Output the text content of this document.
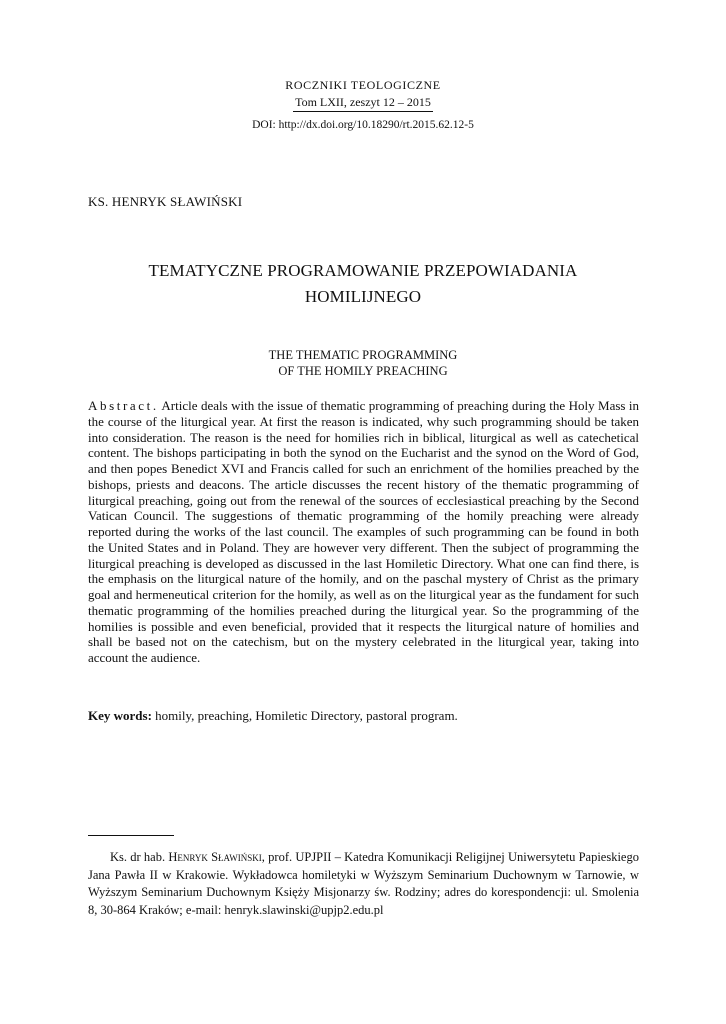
ROCZNIKI TEOLOGICZNE
Tom LXII, zeszyt 12 – 2015
DOI: http://dx.doi.org/10.18290/rt.2015.62.12-5
KS. HENRYK SŁAWIŃSKI
TEMATYCZNE PROGRAMOWANIE PRZEPOWIADANIA
HOMILIJNEGO
THE THEMATIC PROGRAMMING
OF THE HOMILY PREACHING
Abstract. Article deals with the issue of thematic programming of preaching during the Holy Mass in the course of the liturgical year. At first the reason is indicated, why such programming should be taken into consideration. The reason is the need for homilies rich in biblical, liturgical as well as catechetical content. The bishops participating in both the synod on the Eucharist and the synod on the Word of God, and then popes Benedict XVI and Francis called for such an enrichment of the homilies preached by the bishops, priests and deacons. The article discusses the recent history of the thematic programming of liturgical preaching, going out from the renewal of the sources of ecclesiastical preaching by the Second Vatican Council. The suggestions of thematic programming of the homily preaching were already reported during the works of the last council. The examples of such programming can be found in both the United States and in Poland. They are however very different. Then the subject of programming the liturgical preaching is developed as discussed in the last Homiletic Directory. What one can find there, is the emphasis on the liturgical nature of the homily, and on the paschal mystery of Christ as the primary goal and hermeneutical criterion for the homily, as well as on the liturgical year as the fundament for such thematic programming of the homilies preached during the liturgical year. So the programming of the homilies is possible and even beneficial, provided that it respects the liturgical nature of homilies and shall be based not on the catechism, but on the mystery celebrated in the liturgical year, taking into account the audience.
Key words: homily, preaching, Homiletic Directory, pastoral program.
Ks. dr hab. Henryk Sławiński, prof. UPJPII – Katedra Komunikacji Religijnej Uniwersytetu Papieskiego Jana Pawła II w Krakowie. Wykładowca homiletyki w Wyższym Seminarium Duchownym w Tarnowie, w Wyższym Seminarium Duchownym Księży Misjonarzy św. Rodziny; adres do korespondencji: ul. Smolenia 8, 30-864 Kraków; e-mail: henryk.slawinski@upjp2.edu.pl
